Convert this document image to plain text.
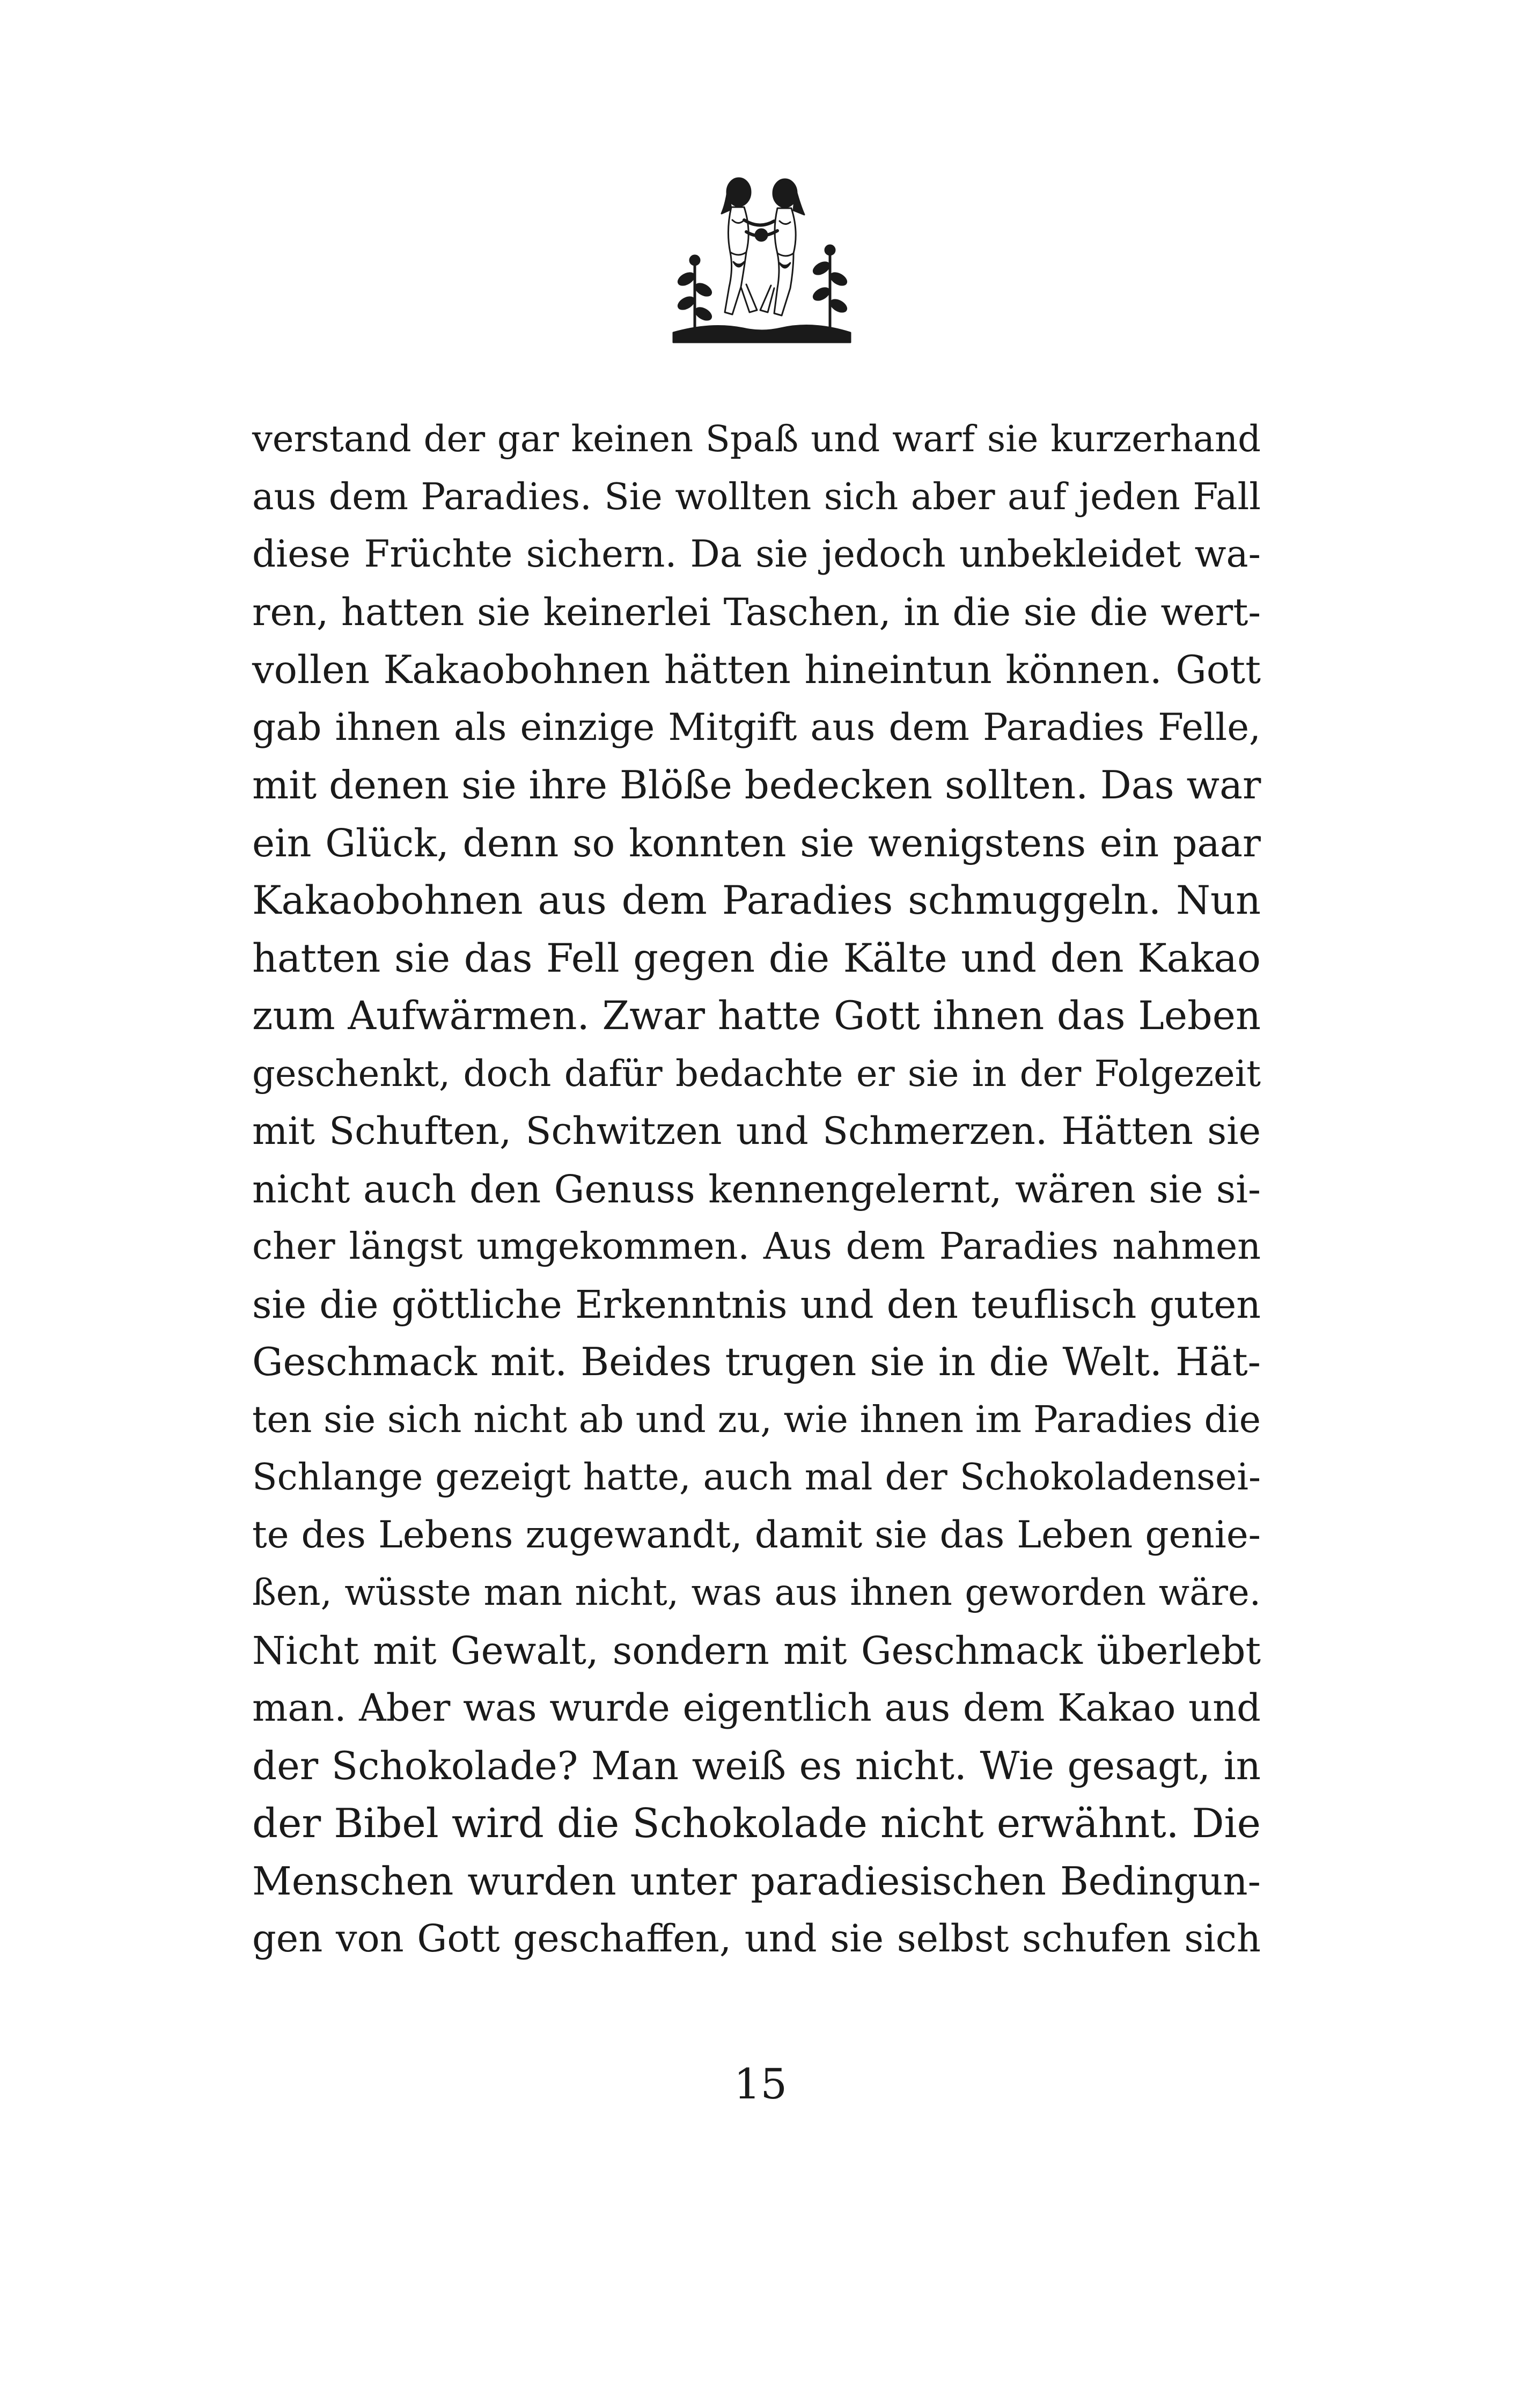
verstand der gar keinen Spaß und warf sie kurzerhand
aus dem Paradies. Sie wollten sich aber auf jeden Fall
diese Früchte sichern. Da sie jedoch unbekleidet wa-
ren, hatten sie keinerlei Taschen, in die sie die wert-
vollen Kakaobohnen hätten hineintun können. Gott
gab ihnen als einzige Mitgift aus dem Paradies Felle,
mit denen sie ihre Blöße bedecken sollten. Das war
ein Glück, denn so konnten sie wenigstens ein paar
Kakaobohnen aus dem Paradies schmuggeln. Nun
hatten sie das Fell gegen die Kälte und den Kakao
zum Aufwärmen. Zwar hatte Gott ihnen das Leben
geschenkt, doch dafür bedachte er sie in der Folgezeit
mit Schuften, Schwitzen und Schmerzen. Hätten sie
nicht auch den Genuss kennengelernt, wären sie si-
cher längst umgekommen. Aus dem Paradies nahmen
sie die göttliche Erkenntnis und den teuflisch guten
Geschmack mit. Beides trugen sie in die Welt. Hät-
ten sie sich nicht ab und zu, wie ihnen im Paradies die
Schlange gezeigt hatte, auch mal der Schokoladensei-
te des Lebens zugewandt, damit sie das Leben genie-
ßen, wüsste man nicht, was aus ihnen geworden wäre.
Nicht mit Gewalt, sondern mit Geschmack überlebt
man. Aber was wurde eigentlich aus dem Kakao und
der Schokolade? Man weiß es nicht. Wie gesagt, in
der Bibel wird die Schokolade nicht erwähnt. Die
Menschen wurden unter paradiesischen Bedingun-
gen von Gott geschaffen, und sie selbst schufen sich
15
